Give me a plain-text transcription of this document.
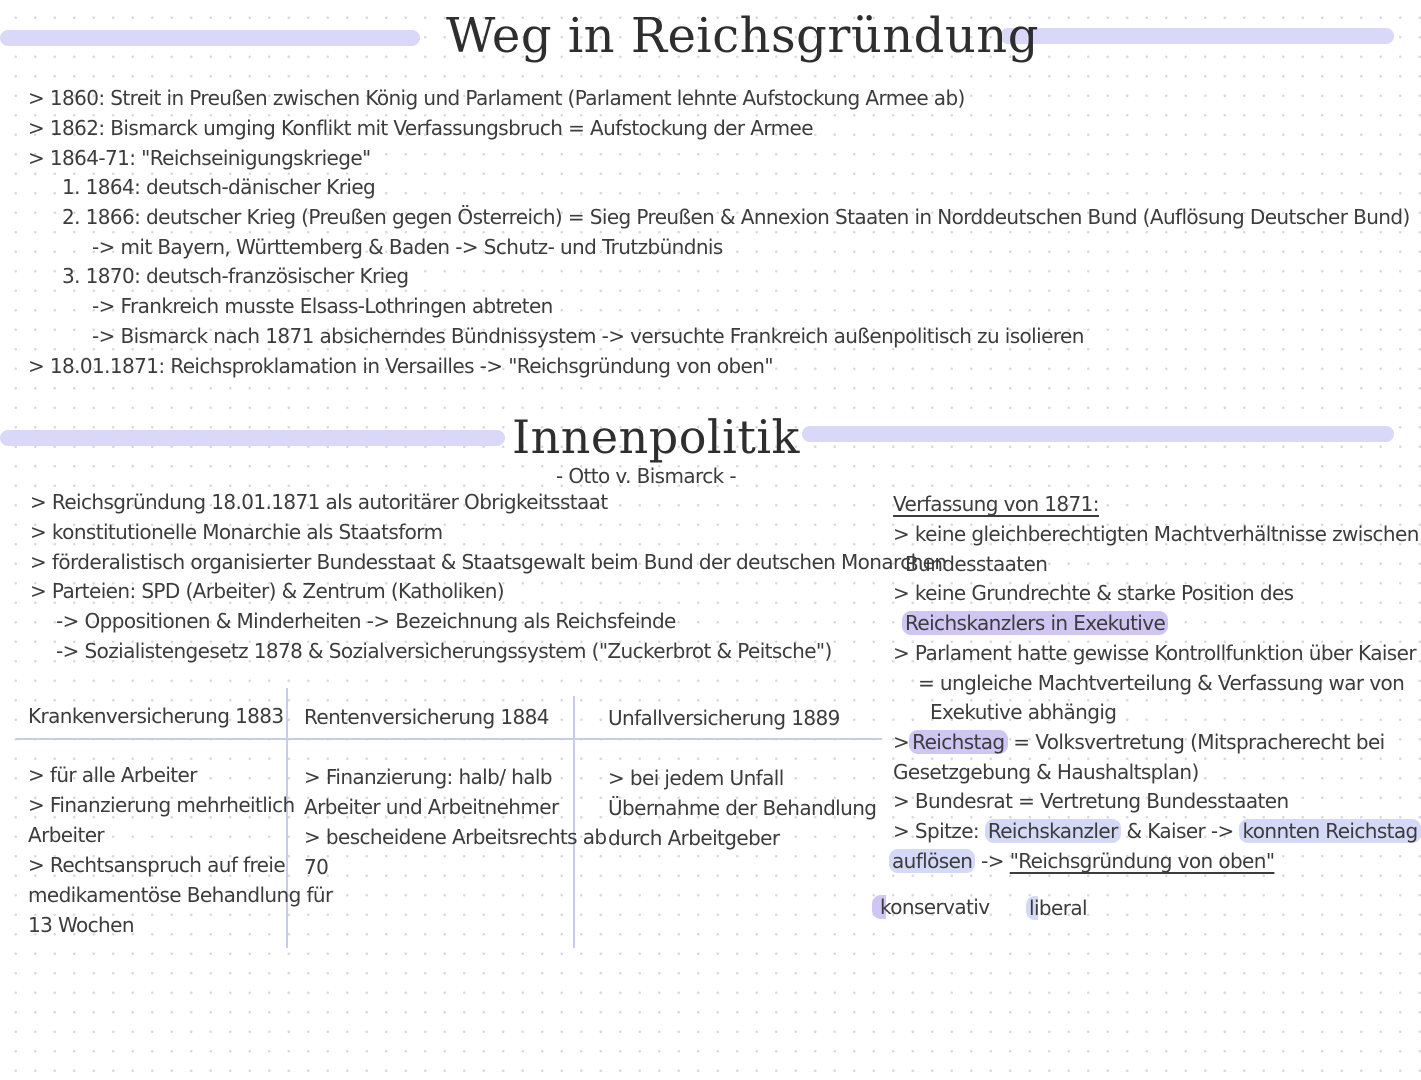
Weg in Reichsgründung
> 1860: Streit in Preußen zwischen König und Parlament (Parlament lehnte Aufstockung Armee ab)
> 1862: Bismarck umging Konflikt mit Verfassungsbruch = Aufstockung der Armee
> 1864-71: "Reichseinigungskriege"
1. 1864: deutsch-dänischer Krieg
2. 1866: deutscher Krieg (Preußen gegen Österreich) = Sieg Preußen & Annexion Staaten in Norddeutschen Bund (Auflösung Deutscher Bund)
-> mit Bayern, Württemberg & Baden -> Schutz- und Trutzbündnis
3. 1870: deutsch-französischer Krieg
-> Frankreich musste Elsass-Lothringen abtreten
-> Bismarck nach 1871 absicherndes Bündnissystem -> versuchte Frankreich außenpolitisch zu isolieren
> 18.01.1871: Reichsproklamation in Versailles -> "Reichsgründung von oben"
Innenpolitik
- Otto v. Bismarck -
> Reichsgründung 18.01.1871 als autoritärer Obrigkeitsstaat
> konstitutionelle Monarchie als Staatsform
> förderalistisch organisierter Bundesstaat & Staatsgewalt beim Bund der deutschen Monarchen
> Parteien: SPD (Arbeiter) & Zentrum (Katholiken)
-> Oppositionen & Minderheiten -> Bezeichnung als Reichsfeinde
-> Sozialistengesetz 1878 & Sozialversicherungssystem ("Zuckerbrot & Peitsche")
Krankenversicherung 1883 Rentenversicherung 1884	Unfallversicherung 1889
> für alle Arbeiter
> Finanzierung mehrheitlich
Arbeiter
> Rechtsanspruch auf freie
medikamentöse Behandlung für
13 Wochen
> Finanzierung: halb/ halb
Arbeiter und Arbeitnehmer
> bescheidene Arbeitsrechts ab
70
> bei jedem Unfall
Übernahme der Behandlung
durch Arbeitgeber
Verfassung von 1871:
> keine gleichberechtigten Machtverhältnisse zwischen
Bundesstaaten
> keine Grundrechte & starke Position des
Reichskanzlers in Exekutive
> Parlament hatte gewisse Kontrollfunktion über Kaiser
= ungleiche Machtverteilung & Verfassung war von
Exekutive abhängig
> Reichstag = Volksvertretung (Mitspracherecht bei
Gesetzgebung & Haushaltsplan)
> Bundesrat = Vertretung Bundesstaaten
> Spitze: Reichskanzler & Kaiser -> konnten Reichstag
auflösen -> "Reichsgründung von oben"
konservativ liberal
